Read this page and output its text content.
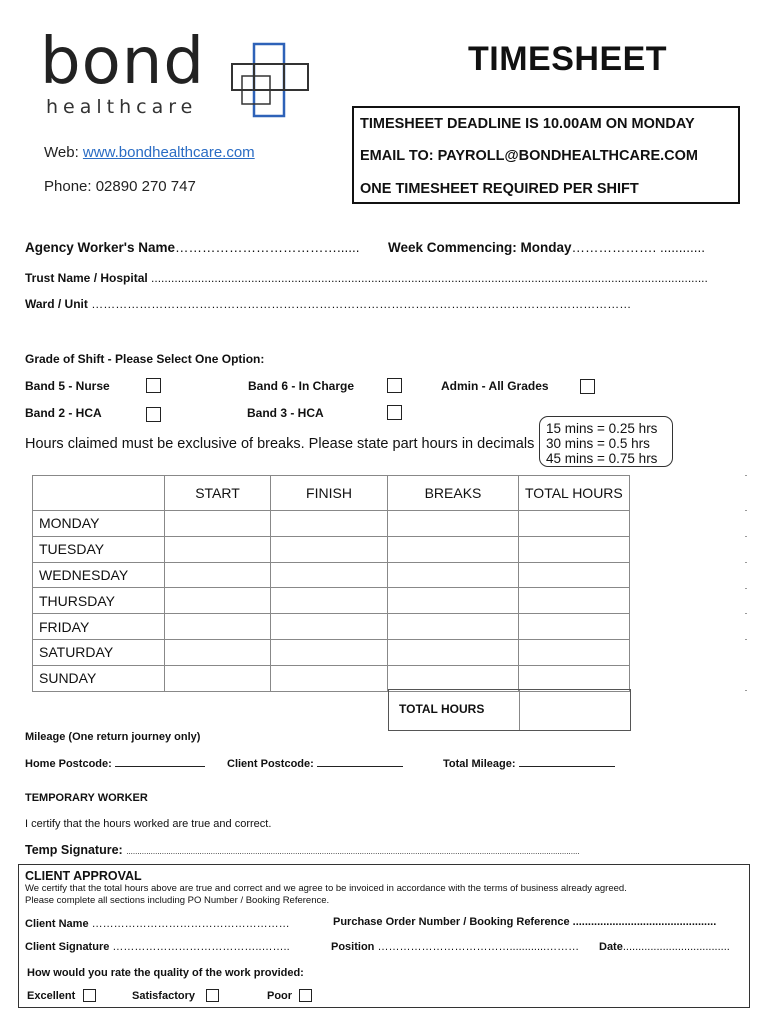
bond
healthcare
Web: www.bondhealthcare.com
Phone: 02890 270 747
TIMESHEET
TIMESHEET DEADLINE IS 10.00AM ON MONDAY
EMAIL TO: PAYROLL@BONDHEALTHCARE.COM
ONE TIMESHEET REQUIRED PER SHIFT
Agency Worker's Name………………………………...... Week Commencing: Monday………………. ............
Trust Name / Hospital .......................................................................................................................................................................
Ward / Unit ………………………………………………………………………………………………………………………
Grade of Shift - Please Select One Option:
Band 5 - Nurse	Band 6 - In Charge	Admin - All Grades
Band 2 - HCA	Band 3 - HCA
Hours claimed must be exclusive of breaks. Please state part hours in decimals
15 mins = 0.25 hrs
30 mins = 0.5 hrs
45 mins = 0.75 hrs
	START	FINISH	BREAKS	TOTAL HOURS
MONDAY				
TUESDAY				
WEDNESDAY				
THURSDAY				
FRIDAY				
SATURDAY				
SUNDAY				
TOTAL HOURS
Mileage (One return journey only)
Home Postcode:	Client Postcode:	Total Mileage:
TEMPORARY WORKER
I certify that the hours worked are true and correct.
Temp Signature: ............................................................................................................................................................................................................
CLIENT APPROVAL
We certify that the total hours above are true and correct and we agree to be invoiced in accordance with the terms of business already agreed.
Please complete all sections including PO Number / Booking Reference.
Client Name ………………………………………………	Purchase Order Number / Booking Reference ...............................................
Client Signature …………………………………..……..	Position ………………………………............……… Date...................................
How would you rate the quality of the work provided:
Excellent	Satisfactory	Poor
